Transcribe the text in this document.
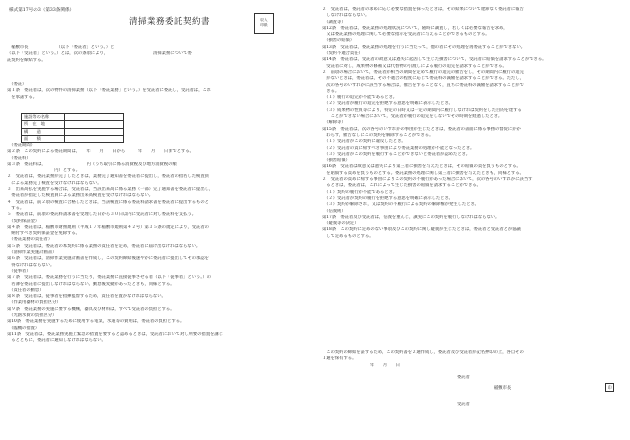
様式第17号の3（第33条関係）
清掃業務委託契約書	収入
印紙
　稲敷市長　　　　　　　（以下「委託者」という。）と
（以下「受託者」という。）とは，次の条項により，　　　　　　　　　　　清掃業務について委
託契約を締結する。
　（委託）
第１条　委託者は，次の物件の清掃業務（以下「委託業務」という。）を受託者に委託し，受託者は，これ
　を承諾する。
施設等の名称	
所　在　地	
構　　造	
面　　積	
　（委託期間）
第２条　この契約による委託期間は，　　年　　月　　日から　　　年　　月　　日までとする。
　（委託料）
第３条　委託料は，　　　　　　　　　　円（うち取引に係る消費税及び地方消費税の額
　　　　　　　　　　　円）とする。
２　受託者は，委託業務が完了したときは，業務完了通知書を委託者に提出し，委託者の指名した検査員
　による業務完了検査を受けなければならない。
３　出来高払を実施する場合は，受託者は，当該出来高に係る業務（一部）完了通知書を委託者に提出し，
　委託者が指定した検査員による業務出来高検査を受けなければならない。
４　受託者は，前２項の検査に合格したときは，当該検査に係る委託料請求書を委託者に提出するものと
　する。
５　委託者は，前項の委託料請求書を受理した日から３０日以内に受託者に対し委託料を支払う。
　（契約保証金）
第４条　委託者は，稲敷市財務規則（平成１７年稲敷市規則第４２号）第３５条の規定により，受託者の
　納付すべき契約保証金を免除する。
　（委託業務の責任者）
第５条　受託者は，委託者の本契約に係る業務の責任者を定め，委託者に届け出なければならない。
　（清掃作業実施計画書）
第６条　受託者は，清掃作業実施計画書を作成し，この契約締結後速やかに委託者に提出してその承認を
　得なければならない。
　（従事者）
第７条　受託者は，委託業務を行うに当たり，委託業務に直接従事させる者（以下「従事者」という。）の
　名簿を委託者に提出しなければならない。勤怠後変動があったときも，同様とする。
　（責任者の勤怠）
第８条　受託者は，従事者を指揮監督するため，責任者を置かなければならない。
　（作業用器材の負担区分）
第９条　委託業務の実施に要する機械，器具及び材料は，すべて受託者の負担とする。
　（光熱水費の負担区分）
第10条　委託業務を実施するために使用する電気，水道等の費用は，委託者の負担とする。
　（臨機の措置）
第11条　受託者は，委託業務実施上緊急の措置を要すると認めるときは，受託者において対し所要の措置を講じ
　るとともに，委託者に通知しなければならない。
２　受託者は，委託者の求めに応じ必要な措置を採ったときは，その結果について遅滞なく委託者に報告
　しなければならない。
　（調査等）
第12条　委託者は，委託業務の処理状況について，随時に調査し，若しくは必要な報告を求め，
　又は委託業務の処理に関して必要な指示を受託者に与えることができるものとする。
　（損害の賠償）
第13条　受託者は，委託業務の処理を行うに当たって，他の者にその処理を再委託することができない。
　（契約不適合責任）
第14条　委託者は，受託者の故意又は過失に起因して生じた損害について，受託者に賠償を請求することができる。
　受託者に対し，成果物の修補又は代替物の引渡しによる履行の追完を請求することができる。
２　前項の場合において，委託者が相当の期間を定めて履行の追完の催告をし，その期間内に履行の追完
　がないときは，委託者は，その不適合の程度に応じて委託料の減額を請求することができる。ただし，
　次の各号のいずれかに該当する場合は，催告をすることなく，直ちに委託料の減額を請求することがで
　きる。
　（１）履行の追完が不能であるとき。
　（２）受託者が履行の追完を拒絶する意思を明確に表示したとき。
　（３）成果物の性質等により，特定の日時又は一定の期間内に履行しなければ契約をした目的を達する
　　ことができない場合において，受託者が履行の追完をしないでその時期を経過したとき。
　（解除等）
第15条　委託者は，次の各号のいずれかの事由が生じたときは，委託者の書面に係る事務の督促にかか
　わらず，催告なしにこの契約を解除することができる。
　（１）受託者がこの契約に違反したとき。
　（２）受託者の責に帰すべき事由により委託業務の処理が不能となったとき。
　（３）受託者がこの契約を履行することができないと委託者が認めたとき。
　（損害賠償）
第16条　受託者は故意又は過失により第三者に損害を与えたときは，その賠償の責を負うものとする。
　を賠償する責めを負うものとする。委託業務の処理に関し第三者に損害を与えたときも，同様とする。
２　受託者の責めに帰する事由によりこの契約の不履行があった場合において，次の各号のいずれかに該当す
　るときは，委託者は，これによって生じた損害の賠償を請求することができる。
　（１）契約の履行が不能であるとき。
　（２）受託者が契約の履行を拒絶する意思を明確に表示したとき。
　（３）契約が解除され，又は契約の不履行による契約の解除権が発生したとき。
　（信義則）
第17条　委託者及び受託者は，信義を重んじ，誠実にこの契約を履行しなければならない。
　（疑義等の決定）
第18条　この契約に定めのない事項及びこの契約に関し疑義が生じたときは，委託者と受託者とが協議
　して定めるものとする。
　この契約の締結を証するため，この契約書を２通作成し，委託者及び受託者が記名押印の上，各自その
１通を保有する。
年　　月　　日
委託者
稲敷市長	印
受託者
